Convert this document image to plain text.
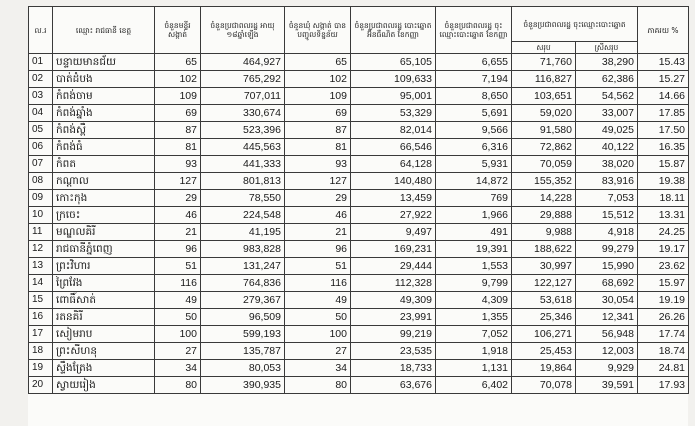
ល.រ	ឈ្មោះ រាជធានី ខេត្ត	ចំនួនមន្ទីរ សង្កាត់	ចំនួនប្រជាពលរដ្ឋ អាយុ ១៨ឆ្នាំឡើង	ចំនួនឃុំ សង្កាត់ បានបញ្ចូលទិន្នន័យ	ចំនួនប្រជាពលរដ្ឋ បោះឆ្នោត អ៊ីនធឺណិត ខែកញ្ញា	ចំនួនប្រជាពលរដ្ឋ ចុះឈ្មោះបោះឆ្នោត ខែកញ្ញា	ចំនួនប្រជាពលរដ្ឋ ចុះឈ្មោះបោះឆ្នោត		ភាគរយ %
							សរុប	ស្រីសរុប	
01	បន្ទាយមានជ័យ	65	464,927	65	65,105	6,655	71,760	38,290	15.43
02	បាត់ដំបង	102	765,292	102	109,633	7,194	116,827	62,386	15.27
03	កំពង់ចាម	109	707,011	109	95,001	8,650	103,651	54,562	14.66
04	កំពង់ឆ្នាំង	69	330,674	69	53,329	5,691	59,020	33,007	17.85
05	កំពង់ស្ពឺ	87	523,396	87	82,014	9,566	91,580	49,025	17.50
06	កំពង់ធំ	81	445,563	81	66,546	6,316	72,862	40,122	16.35
07	កំពត	93	441,333	93	64,128	5,931	70,059	38,020	15.87
08	កណ្ដាល	127	801,813	127	140,480	14,872	155,352	83,916	19.38
09	កោះកុង	29	78,550	29	13,459	769	14,228	7,053	18.11
10	ក្រចេះ	46	224,548	46	27,922	1,966	29,888	15,512	13.31
11	មណ្ឌលគិរី	21	41,195	21	9,497	491	9,988	4,918	24.25
12	រាជធានីភ្នំពេញ	96	983,828	96	169,231	19,391	188,622	99,279	19.17
13	ព្រះវិហារ	51	131,247	51	29,444	1,553	30,997	15,990	23.62
14	ព្រៃវែង	116	764,836	116	112,328	9,799	122,127	68,692	15.97
15	ពោធិ៍សាត់	49	279,367	49	49,309	4,309	53,618	30,054	19.19
16	រតនគិរី	50	96,509	50	23,991	1,355	25,346	12,341	26.26
17	សៀមរាប	100	599,193	100	99,219	7,052	106,271	56,948	17.74
18	ព្រះសីហនុ	27	135,787	27	23,535	1,918	25,453	12,003	18.74
19	ស្ទឹងត្រែង	34	80,053	34	18,733	1,131	19,864	9,929	24.81
20	ស្វាយរៀង	80	390,935	80	63,676	6,402	70,078	39,591	17.93
